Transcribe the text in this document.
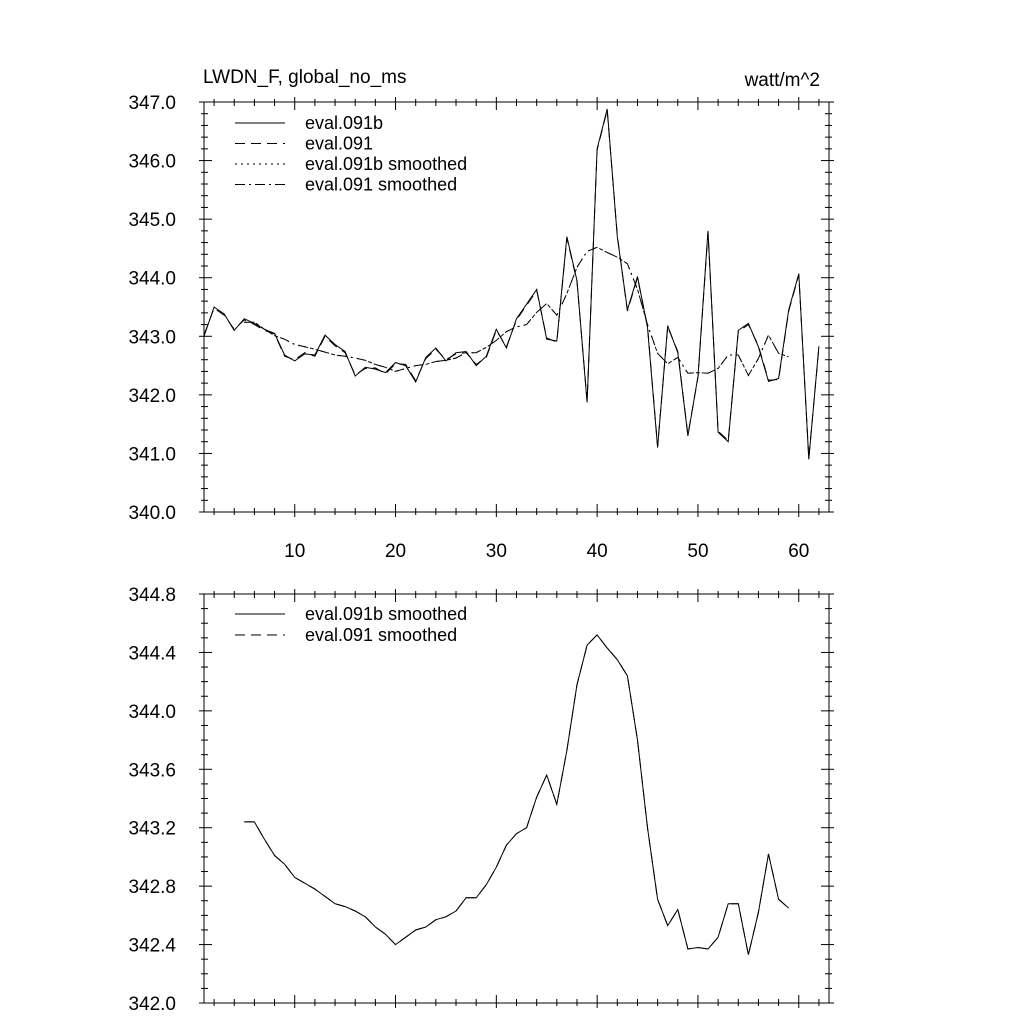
LWDN_F, global_no_ms	watt/m^2
340.0
341.0
342.0
343.0
344.0
345.0
346.0
347.0
10	20	30	40	50	60
eval.091b
eval.091
eval.091b smoothed
eval.091 smoothed
342.0
342.4
342.8
343.2
343.6
344.0
344.4
344.8
eval.091b smoothed
eval.091 smoothed
